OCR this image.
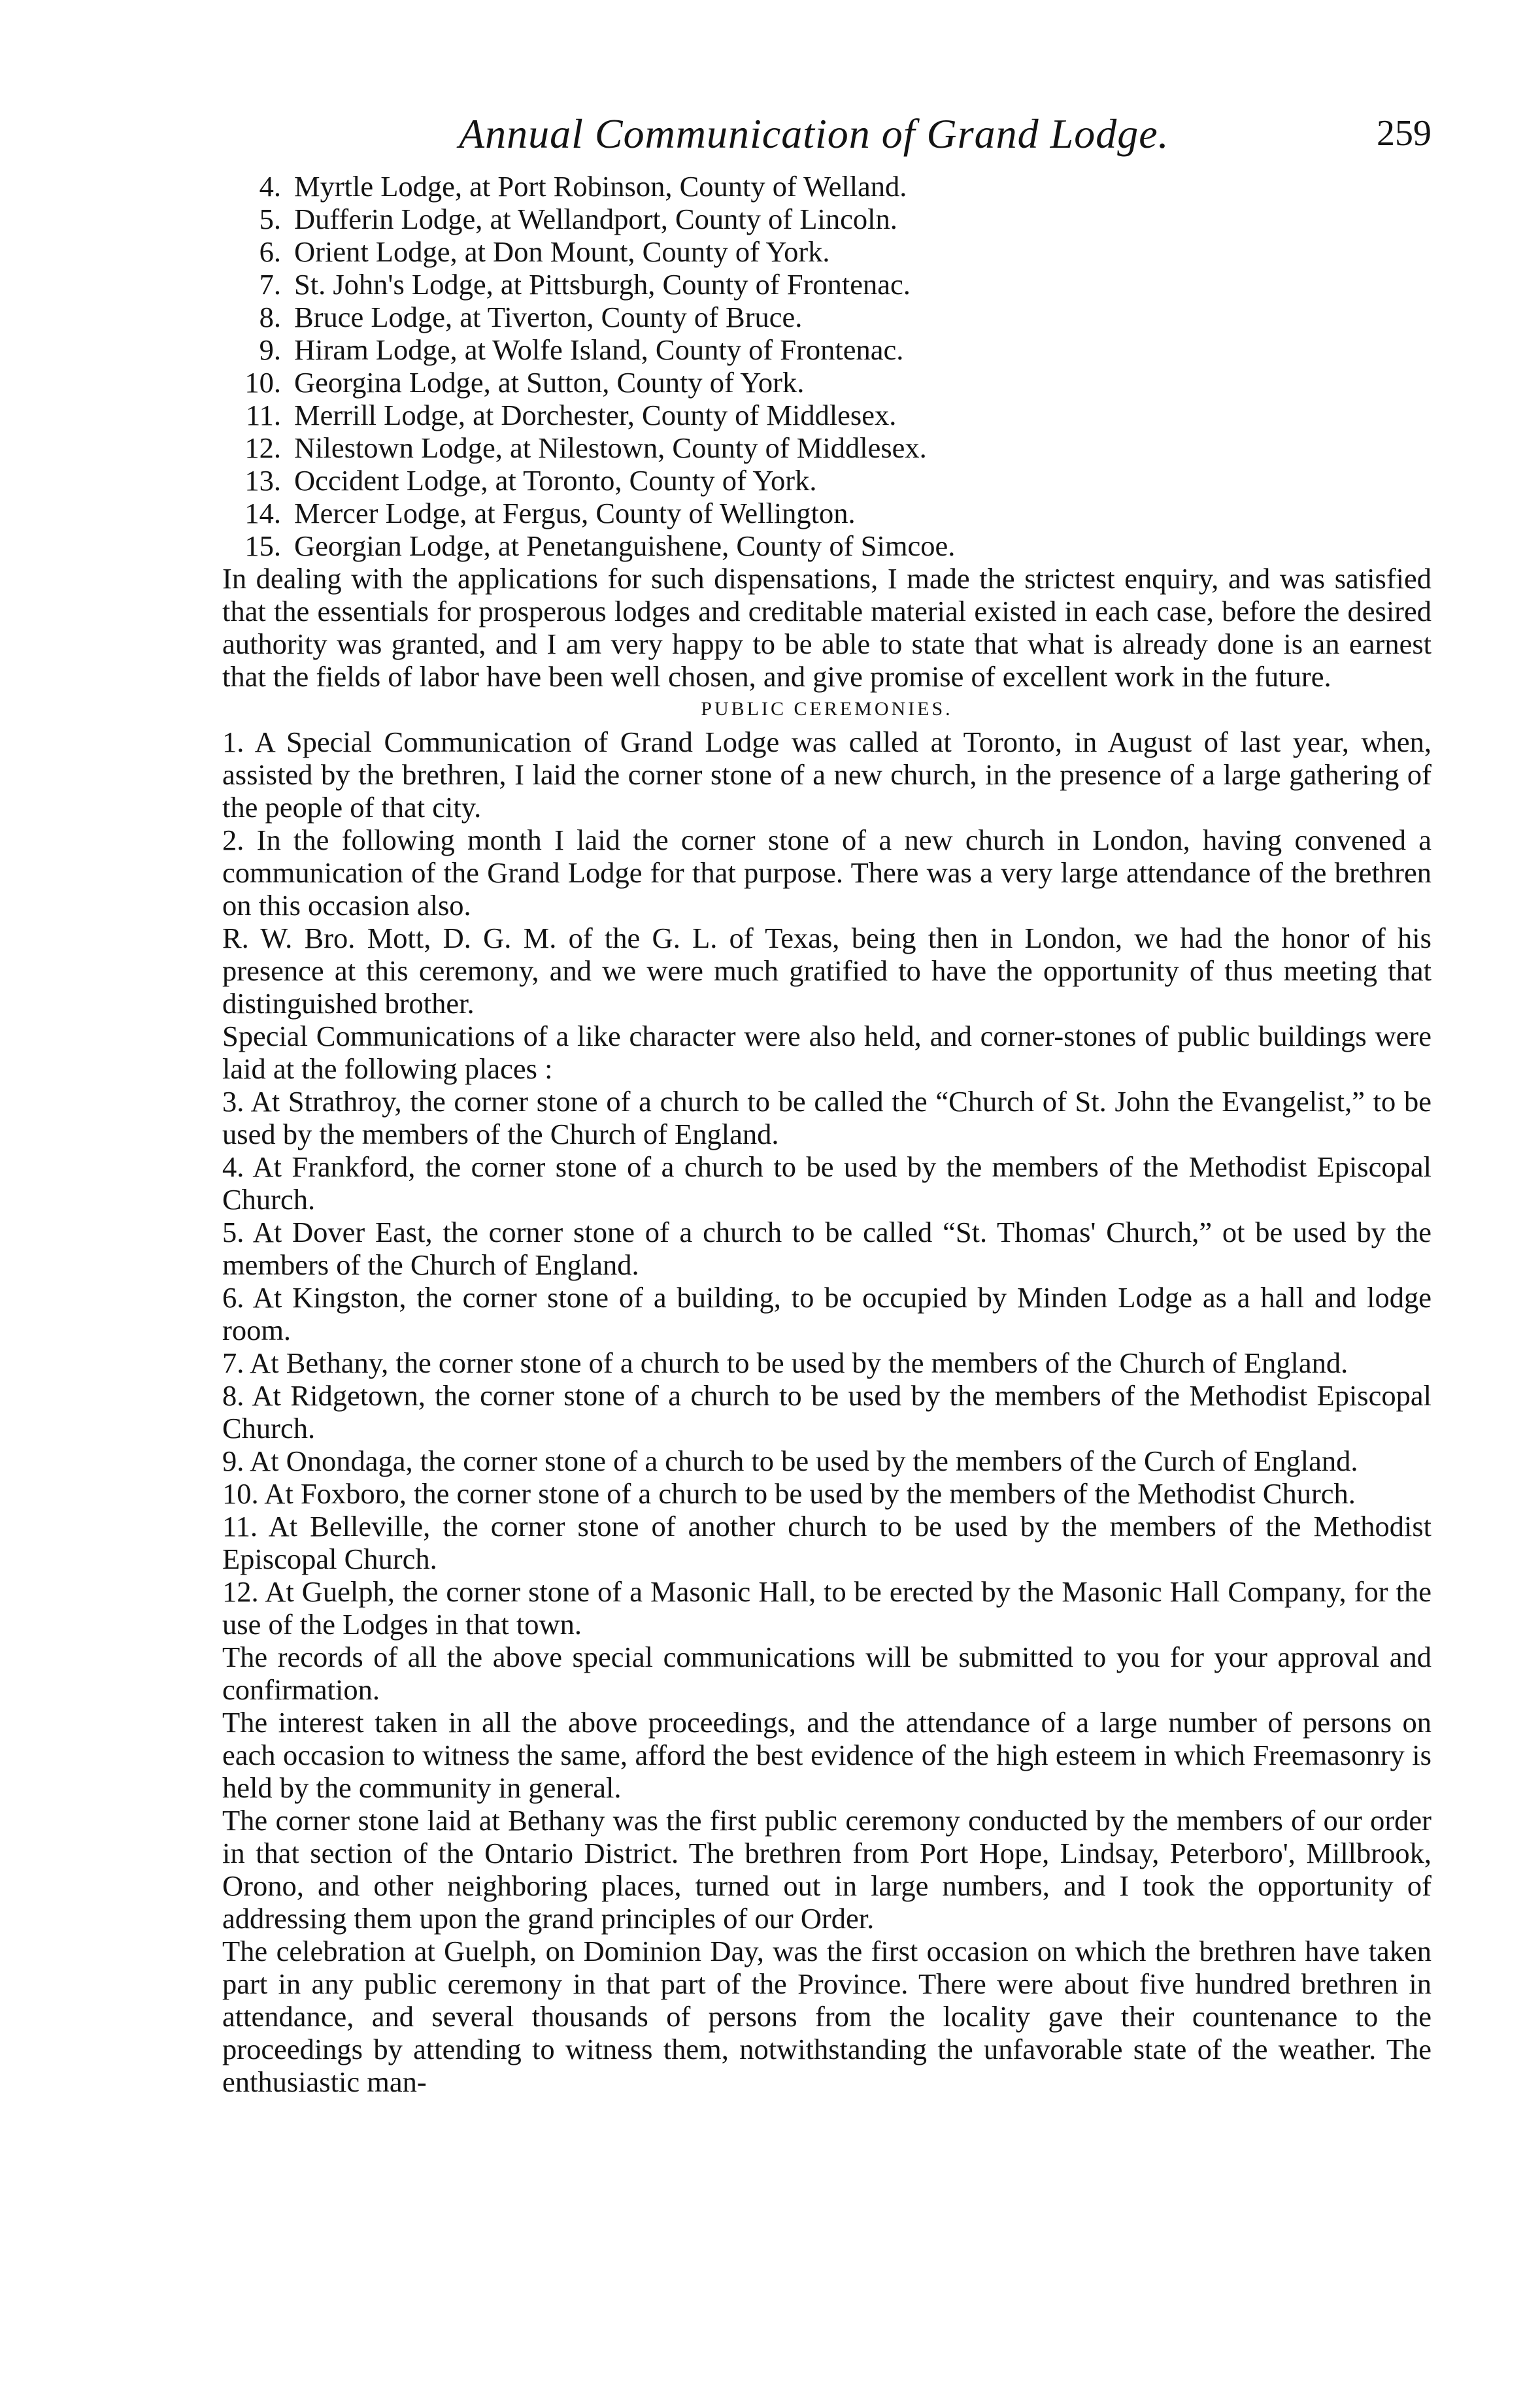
Annual Communication of Grand Lodge.	259
4. Myrtle Lodge, at Port Robinson, County of Welland.
5. Dufferin Lodge, at Wellandport, County of Lincoln.
6. Orient Lodge, at Don Mount, County of York.
7. St. John's Lodge, at Pittsburgh, County of Frontenac.
8. Bruce Lodge, at Tiverton, County of Bruce.
9. Hiram Lodge, at Wolfe Island, County of Frontenac.
10. Georgina Lodge, at Sutton, County of York.
11. Merrill Lodge, at Dorchester, County of Middlesex.
12. Nilestown Lodge, at Nilestown, County of Middlesex.
13. Occident Lodge, at Toronto, County of York.
14. Mercer Lodge, at Fergus, County of Wellington.
15. Georgian Lodge, at Penetanguishene, County of Simcoe.

In dealing with the applications for such dispensations, I made the strictest enquiry, and was satisfied that the essentials for prosperous lodges and creditable material existed in each case, before the desired authority was granted, and I am very happy to be able to state that what is already done is an earnest that the fields of labor have been well chosen, and give promise of excellent work in the future.

PUBLIC CEREMONIES.

1. A Special Communication of Grand Lodge was called at Toronto, in August of last year, when, assisted by the brethren, I laid the corner stone of a new church, in the presence of a large gathering of the people of that city.

2. In the following month I laid the corner stone of a new church in London, having convened a communication of the Grand Lodge for that purpose. There was a very large attendance of the brethren on this occasion also.

R. W. Bro. Mott, D. G. M. of the G. L. of Texas, being then in London, we had the honor of his presence at this ceremony, and we were much gratified to have the opportunity of thus meeting that distinguished brother.

Special Communications of a like character were also held, and corner-stones of public buildings were laid at the following places :

3. At Strathroy, the corner stone of a church to be called the “Church of St. John the Evangelist,” to be used by the members of the Church of England.

4. At Frankford, the corner stone of a church to be used by the members of the Methodist Episcopal Church.

5. At Dover East, the corner stone of a church to be called “St. Thomas' Church,” ot be used by the members of the Church of England.

6. At Kingston, the corner stone of a building, to be occupied by Minden Lodge as a hall and lodge room.

7. At Bethany, the corner stone of a church to be used by the members of the Church of England.

8. At Ridgetown, the corner stone of a church to be used by the members of the Methodist Episcopal Church.

9. At Onondaga, the corner stone of a church to be used by the members of the Curch of England.

10. At Foxboro, the corner stone of a church to be used by the members of the Methodist Church.

11. At Belleville, the corner stone of another church to be used by the members of the Methodist Episcopal Church.

12. At Guelph, the corner stone of a Masonic Hall, to be erected by the Masonic Hall Company, for the use of the Lodges in that town.

The records of all the above special communications will be submitted to you for your approval and confirmation.

The interest taken in all the above proceedings, and the attendance of a large number of persons on each occasion to witness the same, afford the best evidence of the high esteem in which Freemasonry is held by the community in general.

The corner stone laid at Bethany was the first public ceremony conducted by the members of our order in that section of the Ontario District. The brethren from Port Hope, Lindsay, Peterboro', Millbrook, Orono, and other neighboring places, turned out in large numbers, and I took the opportunity of addressing them upon the grand principles of our Order.

The celebration at Guelph, on Dominion Day, was the first occasion on which the brethren have taken part in any public ceremony in that part of the Province. There were about five hundred brethren in attendance, and several thousands of persons from the locality gave their countenance to the proceedings by attending to witness them, notwithstanding the unfavorable state of the weather. The enthusiastic man-
